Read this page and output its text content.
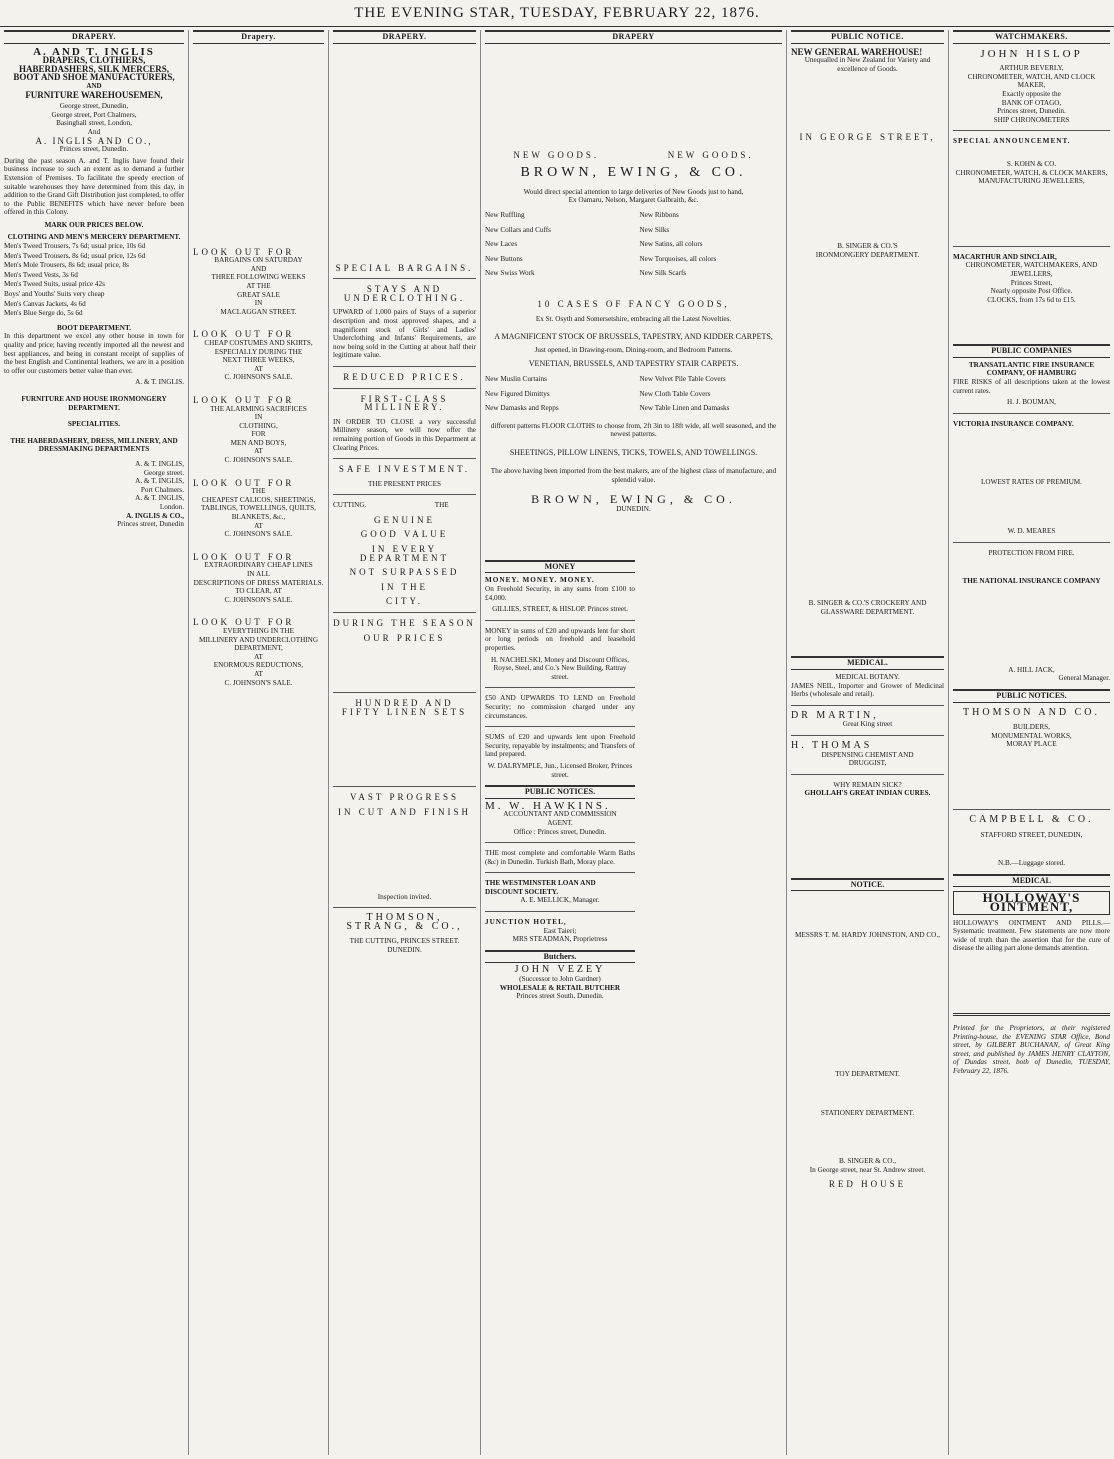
THE EVENING STAR, TUESDAY, FEBRUARY 22, 1876.
DRAPERY.
A. AND T. INGLIS
DRAPERS, CLOTHIERS,
HABERDASHERS, SILK MERCERS,
BOOT AND SHOE MANUFACTURERS,
AND
FURNITURE WAREHOUSEMEN,
George street, Dunedin,
George street, Port Chalmers,
Basinghall street, London,
And
A. INGLIS AND CO.,
Princes street, Dunedin.

During the past season A. and T. Inglis have found their business increase to such an extent as to demand a further Extension of Premises. To facilitate the speedy erection of suitable warehouses they have determined from this day, in addition to the Grand Gift Distribution just completed, to offer to the Public BENEFITS which have never before been offered in this Colony.

MARK OUR PRICES BELOW.
CLOTHING AND MEN'S MERCERY DEPARTMENT.
Men's Tweed Trousers, 7s 6d; usual price, 10s 6d
Men's Tweed Trousers, 8s 6d; usual price, 12s 6d
Men's Mole Trousers, 8s 6d; usual price, 8s
Men's Tweed Vests, 3s 6d
Men's Tweed Suits, usual price 42s
Boys' and Youths' Suits very cheap
Men's Canvas Jackets, 4s 6d
Men's Blue Serge do, 5s 6d
BOOT DEPARTMENT.

In this department we excel any other house in town for quality and price; having recently imported all the newest and best appliances, and being in constant receipt of supplies of the best English and Continental leathers, we are in a position to offer our customers better value than ever.

A. & T. INGLIS.
FURNITURE AND HOUSE IRONMONGERY DEPARTMENT.
SPECIALITIES.
THE HABERDASHERY, DRESS, MILLINERY, AND DRESSMAKING DEPARTMENTS
A. & T. INGLIS,
George street.
A. & T. INGLIS,
Port Chalmers.
A. & T. INGLIS,
London.
A. INGLIS & CO.,
Princes street, Dunedin
Drapery.
LOOK OUT FOR
BARGAINS ON SATURDAY
AND
THREE FOLLOWING WEEKS
AT THE
GREAT SALE
IN
MACLAGGAN STREET.
LOOK OUT FOR
CHEAP COSTUMES AND SKIRTS,
ESPECIALLY DURING THE
NEXT THREE WEEKS,
AT
C. JOHNSON'S SALE.
LOOK OUT FOR
THE ALARMING SACRIFICES
IN
CLOTHING,
FOR
MEN AND BOYS,
AT
C. JOHNSON'S SALE.
LOOK OUT FOR
THE
CHEAPEST CALICOS, SHEETINGS,
TABLINGS, TOWELLINGS, QUILTS,
BLANKETS, &c.,
AT
C. JOHNSON'S SALE.
LOOK OUT FOR
EXTRAORDINARY CHEAP LINES
IN ALL
DESCRIPTIONS OF DRESS MATERIALS.
TO CLEAR, AT
C. JOHNSON'S SALE.
LOOK OUT FOR
EVERYTHING IN THE
MILLINERY AND UNDERCLOTHING
DEPARTMENT,
AT
ENORMOUS REDUCTIONS,
AT
C. JOHNSON'S SALE.
DRAPERY.
SPECIAL BARGAINS.
STAYS AND UNDERCLOTHING.

UPWARD of 1,000 pairs of Stays of a superior description and most approved shapes, and a magnificent stock of Girls' and Ladies' Underclothing and Infants' Requirements, are now being sold in the Cutting at about half their legitimate value.

REDUCED PRICES.
FIRST-CLASS MILLINERY.

IN ORDER TO CLOSE a very successful Millinery season, we will now offer the remaining portion of Goods in this Department at Clearing Prices.

SAFE INVESTMENT.
THE PRESENT PRICES
CUTTING.	THE
GENUINE
GOOD VALUE
IN EVERY DEPARTMENT
NOT SURPASSED
IN THE
CITY.
DURING THE SEASON
OUR PRICES
HUNDRED AND FIFTY LINEN SETS
VAST PROGRESS
IN CUT AND FINISH
Inspection invited.
THOMSON, STRANG, & CO.,
THE CUTTING, PRINCES STREET.
DUNEDIN.
DRAPERY
NEW GOODS.	NEW GOODS.
BROWN, EWING, & CO.
Would direct special attention to large deliveries of New Goods just to hand,
Ex Oamaru, Nelson, Margaret Galbraith, &c.
New Ruffling
New Collars and Cuffs
New Laces
New Buttons
New Swiss Work
New Ribbons
New Silks
New Satins, all colors
New Torquoises, all colors
New Silk Scarfs
10 CASES OF FANCY GOODS,
Ex St. Osyth and Somersetshire, embracing all the Latest Novelties.
A MAGNIFICENT STOCK OF BRUSSELS, TAPESTRY, AND KIDDER CARPETS,
Just opened, in Drawing-room, Dining-room, and Bedroom Patterns.
VENETIAN, BRUSSELS, AND TAPESTRY STAIR CARPETS.
New Muslin Curtains
New Figured Dimittys
New Damasks and Repps
New Velvet Pile Table Covers
New Cloth Table Covers
New Table Linen and Damasks
different patterns FLOOR CLOTHS to choose from, 2ft 3in to 18ft wide, all well seasoned, and the newest patterns.
SHEETINGS, PILLOW LINENS, TICKS, TOWELS, AND TOWELLINGS.
The above having been imported from the best makers, are of the highest class of manufacture, and splendid value.
BROWN, EWING, & CO.
DUNEDIN.
MONEY
MONEY. MONEY. MONEY.

On Freehold Security, in any sums from £100 to £4,000.

GILLIES, STREET, & HISLOP. Princes street.

MONEY in sums of £20 and upwards lent for short or long periods on freehold and leasehold properties.

H. NACHELSKI, Money and Discount Offices, Royse, Steel, and Co.'s New Building, Rattray street.

£50 AND UPWARDS TO LEND on Freehold Security; no commission charged under any circumstances.

SUMS of £20 and upwards lent upon Freehold Security, repayable by instalments; and Transfers of land prepared.

W. DALRYMPLE, Jun., Licensed Broker, Princes street.
PUBLIC NOTICES.
M. W. HAWKINS.
ACCOUNTANT AND COMMISSION
AGENT.
Office : Princes street, Dunedin.

THE most complete and comfortable Warm Baths (&c) in Dunedin. Turkish Bath, Moray place.

THE WESTMINSTER LOAN AND DISCOUNT SOCIETY.
A. E. MELLICK, Manager.
JUNCTION HOTEL,
East Taieri;
MRS STEADMAN, Proprietress
Butchers.
JOHN VEZEY
(Successor to John Gardner)
WHOLESALE & RETAIL BUTCHER
Princes street South, Dunedin.
PUBLIC NOTICE.
NEW GENERAL WAREHOUSE!
Unequalled in New Zealand for Variety and excellence of Goods.
IN GEORGE STREET,
B. SINGER & CO.'S
IRONMONGERY DEPARTMENT.
B. SINGER & CO.'S CROCKERY AND GLASSWARE DEPARTMENT.
MEDICAL.
MEDICAL BOTANY.

JAMES NEIL, Importer and Grower of Medicinal Herbs (wholesale and retail).

DR MARTIN,
Great King street
H. THOMAS
DISPENSING CHEMIST AND
DRUGGIST,
WHY REMAIN SICK?
GHOLLAH'S GREAT INDIAN CURES.
NOTICE.
MESSRS T. M. HARDY JOHNSTON, AND CO.,
TOY DEPARTMENT.
STATIONERY DEPARTMENT.
B. SINGER & CO.,
In George street, near St. Andrew street.
RED HOUSE
WATCHMAKERS.
JOHN HISLOP
ARTHUR BEVERLY,
CHRONOMETER, WATCH, AND CLOCK MAKER,
Exactly opposite the
BANK OF OTAGO,
Princes street, Dunedin.
SHIP CHRONOMETERS
SPECIAL ANNOUNCEMENT.
S. KOHN & CO.
CHRONOMETER, WATCH, & CLOCK MAKERS,
MANUFACTURING JEWELLERS,
MACARTHUR AND SINCLAIR,
CHRONOMETER, WATCHMAKERS, AND JEWELLERS,
Princes Street,
Nearly opposite Post Office.
CLOCKS, from 17s 6d to £15.
PUBLIC COMPANIES
TRANSATLANTIC FIRE INSURANCE COMPANY, OF HAMBURG

FIRE RISKS of all descriptions taken at the lowest current rates.

H. J. BOUMAN,
VICTORIA INSURANCE COMPANY.
LOWEST RATES OF PREMIUM.
W. D. MEARES
PROTECTION FROM FIRE.
THE NATIONAL INSURANCE COMPANY
A. HILL JACK,
General Manager.
PUBLIC NOTICES.
THOMSON AND CO.
BUILDERS,
MONUMENTAL WORKS,
MORAY PLACE
CAMPBELL & CO.
STAFFORD STREET, DUNEDIN,
N.B.—Luggage stored.
MEDICAL
HOLLOWAY'S OINTMENT,

HOLLOWAY'S OINTMENT AND PILLS.—Systematic treatment. Few statements are now more wide of truth than the assertion that for the cure of disease the ailing part alone demands attention.

Printed for the Proprietors, at their registered Printing-house, the EVENING STAR Office, Bond street, by GILBERT BUCHANAN, of Great King street, and published by JAMES HENRY CLAYTON, of Dundas street, both of Dunedin, TUESDAY, February 22, 1876.
